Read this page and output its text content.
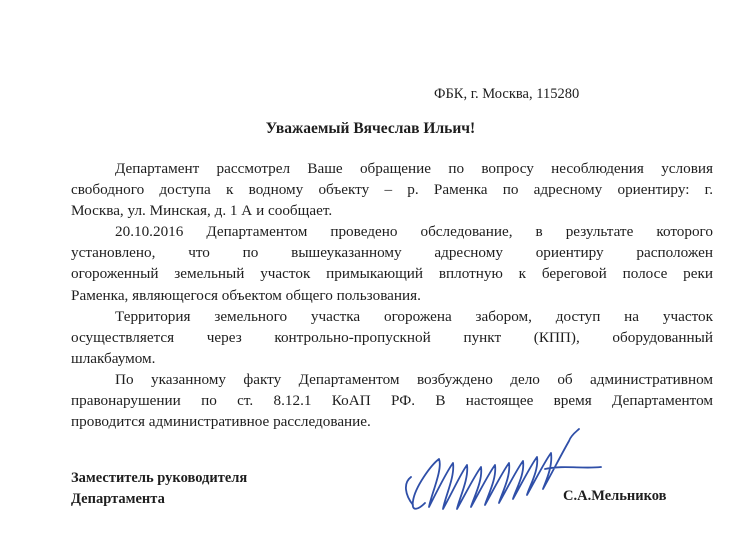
ФБК, г. Москва, 115280
Уважаемый Вячеслав Ильич!

Департамент рассмотрел Ваше обращение по вопросу несоблюдения условия
свободного доступа к водному объекту – р. Раменка по адресному ориентиру: г.
Москва, ул. Минская, д. 1 А и сообщает.

20.10.2016 Департаментом проведено обследование, в результате которого
установлено, что по вышеуказанному адресному ориентиру расположен
огороженный земельный участок примыкающий вплотную к береговой полосе реки
Раменка, являющегося объектом общего пользования.

Территория земельного участка огорожена забором, доступ на участок
осуществляется через контрольно-пропускной пункт (КПП), оборудованный
шлакбаумом.

По указанному факту Департаментом возбуждено дело об административном
правонарушении по ст. 8.12.1 КоАП РФ. В настоящее время Департаментом
проводится административное расследование.

Заместитель руководителя
Департамента	С.А.Мельников
